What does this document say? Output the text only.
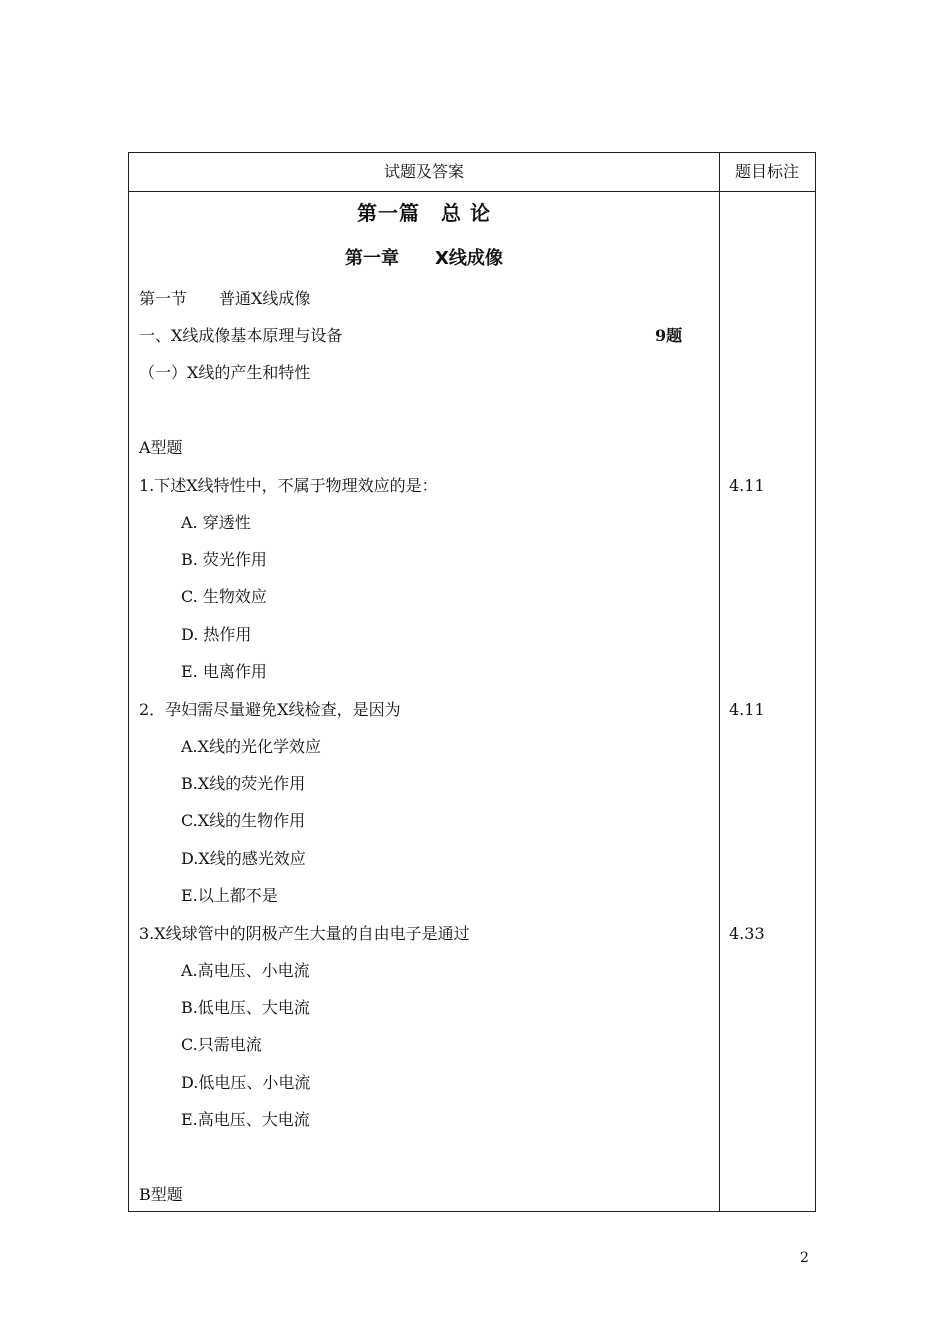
试题及答案	题目标注
第一篇　总 论
第一章　　X线成像
第一节　　普通X线成像
一、X线成像基本原理与设备	9题
（一）X线的产生和特性
A型题
1.下述X线特性中，不属于物理效应的是：	4.11
A. 穿透性
B. 荧光作用
C. 生物效应
D. 热作用
E. 电离作用
2．孕妇需尽量避免X线检查，是因为	4.11
A.X线的光化学效应
B.X线的荧光作用
C.X线的生物作用
D.X线的感光效应
E.以上都不是
3.X线球管中的阴极产生大量的自由电子是通过	4.33
A.高电压、小电流
B.低电压、大电流
C.只需电流
D.低电压、小电流
E.高电压、大电流
B型题
2
